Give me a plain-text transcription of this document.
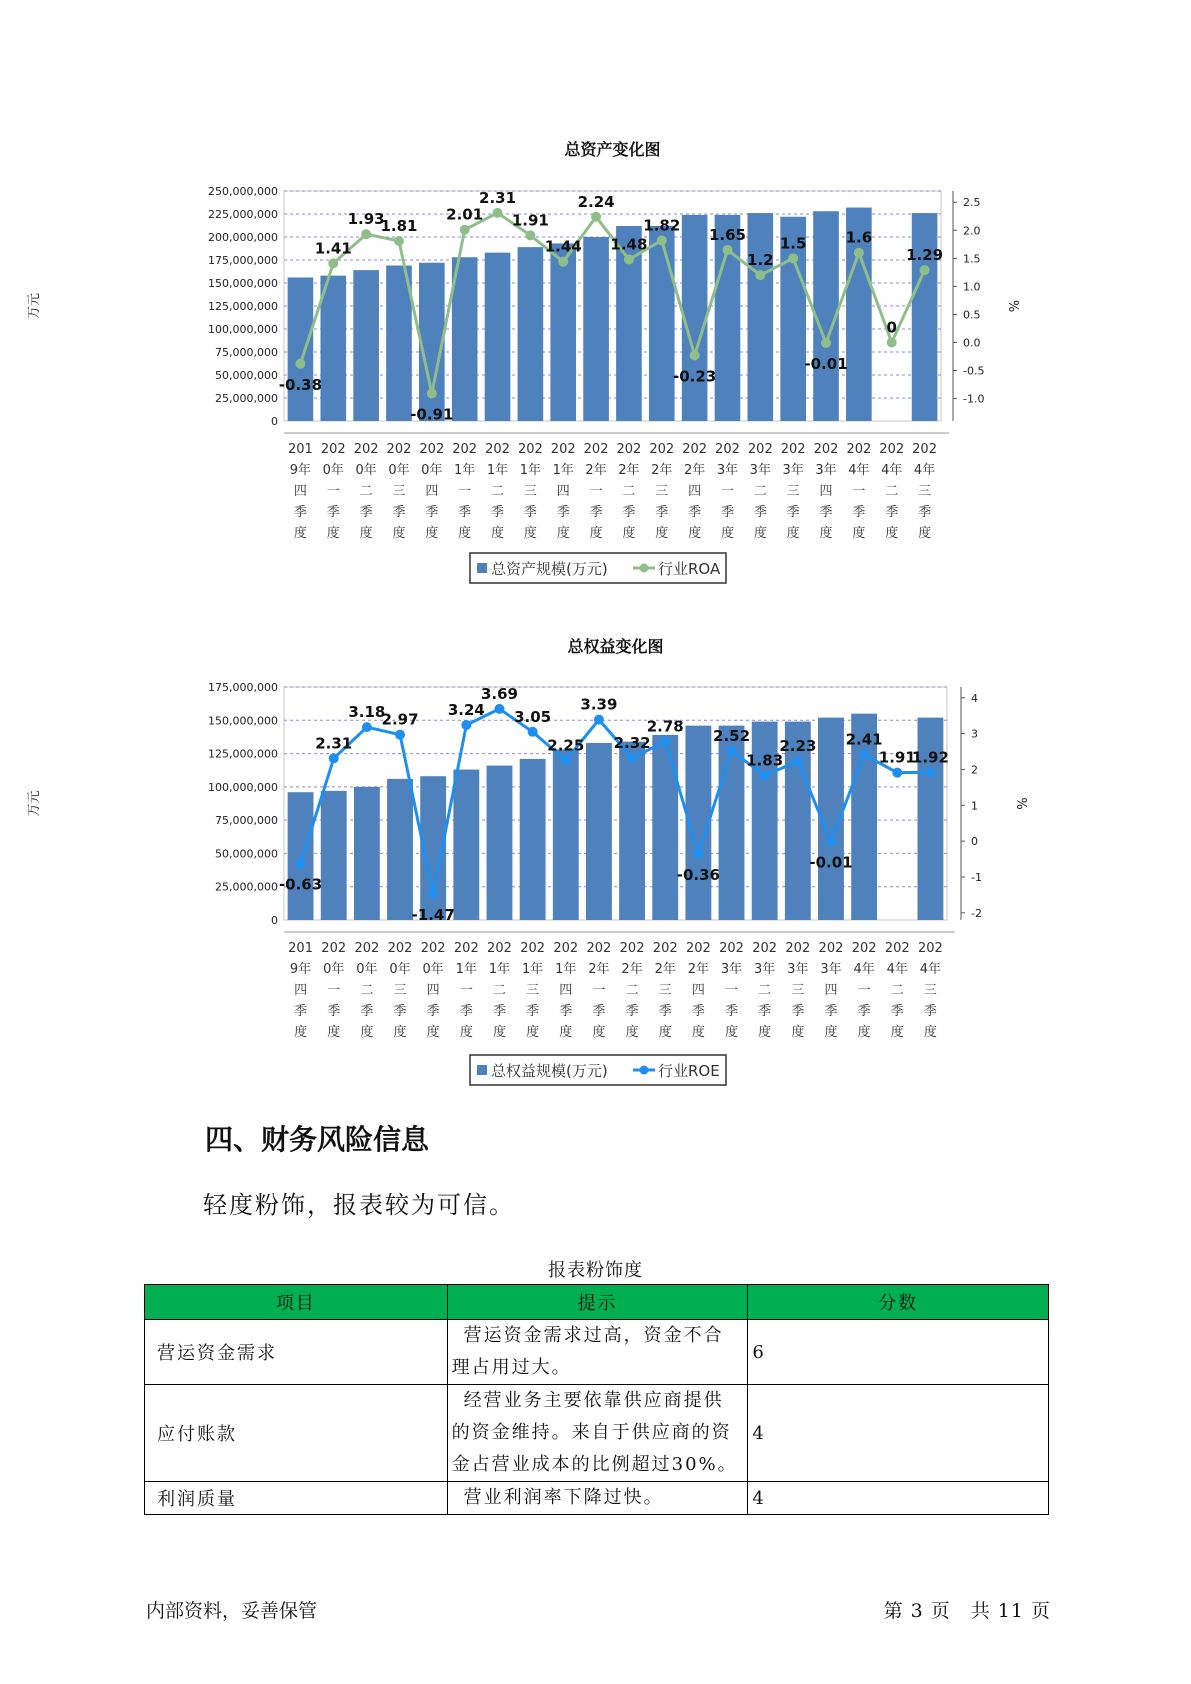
总资产变化图
0
25,000,000
50,000,000
75,000,000
100,000,000
125,000,000
150,000,000
175,000,000
200,000,000
225,000,000
250,000,000
-1.0
-0.5
0.0
0.5
1.0
1.5
2.0
2.5
万元	%
201
9年
四
季
度
202
0年
一
季
度
202
0年
二
季
度
202
0年
三
季
度
202
0年
四
季
度
202
1年
一
季
度
202
1年
二
季
度
202
1年
三
季
度
202
1年
四
季
度
202
2年
一
季
度
202
2年
二
季
度
202
2年
三
季
度
202
2年
四
季
度
202
3年
一
季
度
202
3年
二
季
度
202
3年
三
季
度
202
3年
四
季
度
202
4年
一
季
度
202
4年
二
季
度
202
4年
三
季
度
-0.38
1.41
1.93
1.81
-0.91
2.01
2.31
1.91
1.44
2.24
1.48
1.82
-0.23
1.65
1.2
1.5
-0.01
1.6
0
1.29
总资产规模(万元)	行业ROA
总权益变化图
0
25,000,000
50,000,000
75,000,000
100,000,000
125,000,000
150,000,000
175,000,000
-2
-1
0
1
2
3
4
万元	%
201
9年
四
季
度
202
0年
一
季
度
202
0年
二
季
度
202
0年
三
季
度
202
0年
四
季
度
202
1年
一
季
度
202
1年
二
季
度
202
1年
三
季
度
202
1年
四
季
度
202
2年
一
季
度
202
2年
二
季
度
202
2年
三
季
度
202
2年
四
季
度
202
3年
一
季
度
202
3年
二
季
度
202
3年
三
季
度
202
3年
四
季
度
202
4年
一
季
度
202
4年
二
季
度
202
4年
三
季
度
-0.63
2.31
3.18
2.97
-1.47
3.24
3.69
3.05
2.25
3.39
2.32
2.78
-0.36
2.52
1.83
2.23
-0.01
2.41
1.91
1.92
总权益规模(万元)	行业ROE
四、财务风险信息
轻度粉饰，报表较为可信。
报表粉饰度
项目	提示	分数
营运资金需求	营运资金需求过高，资金不合理占用过大。	6
应付账款	经营业务主要依靠供应商提供的资金维持。来自于供应商的资金占营业成本的比例超过30%。	4
利润质量	营业利润率下降过快。	4
内部资料，妥善保管	第 3 页　共 11 页
